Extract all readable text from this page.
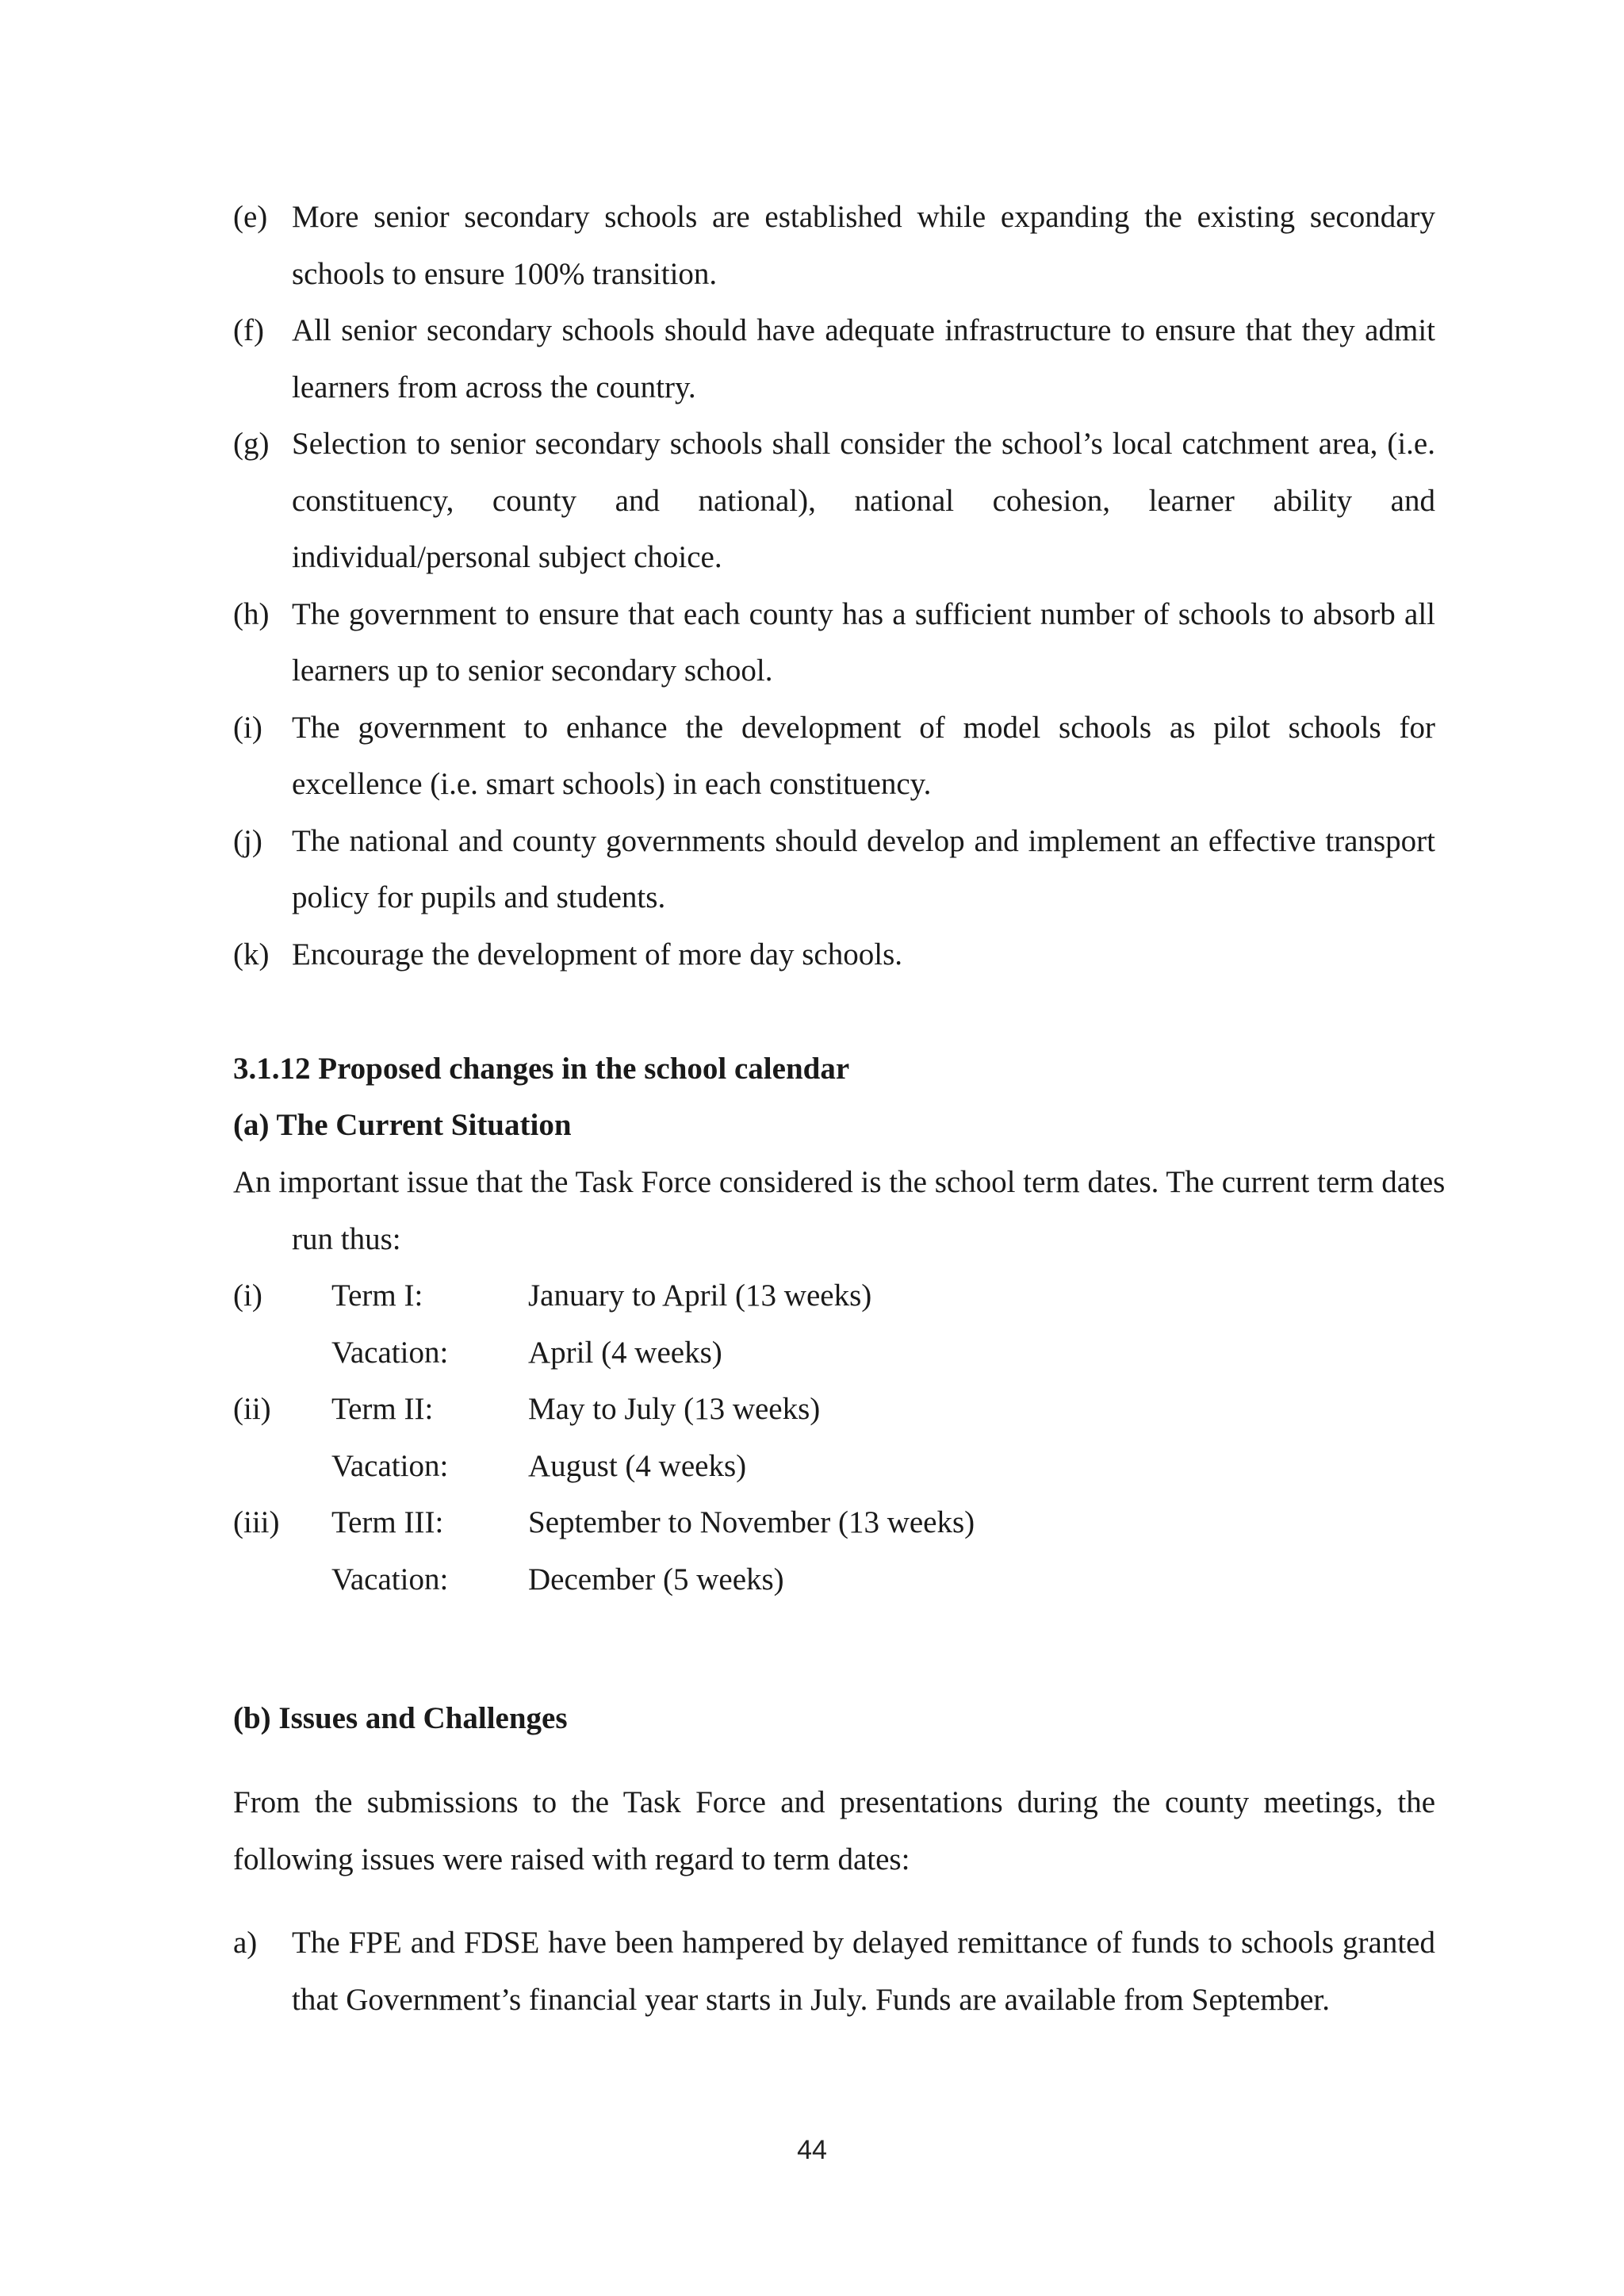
(e) More senior secondary schools are established while expanding the existing secondary schools to ensure 100% transition.
(f) All senior secondary schools should have adequate infrastructure to ensure that they admit learners from across the country.
(g) Selection to senior secondary schools shall consider the school’s local catchment area, (i.e. constituency, county and national), national cohesion, learner ability and individual/personal subject choice.
(h) The government to ensure that each county has a sufficient number of schools to absorb all learners up to senior secondary school.
(i) The government to enhance the development of model schools as pilot schools for excellence (i.e. smart schools) in each constituency.
(j) The national and county governments should develop and implement an effective transport policy for pupils and students.
(k) Encourage the development of more day schools.
3.1.12 Proposed changes in the school calendar
(a) The Current Situation
An important issue that the Task Force considered is the school term dates. The current term dates run thus:
(i) Term I:	January to April (13 weeks)
Vacation:	April (4 weeks)
(ii) Term II:	May to July (13 weeks)
Vacation:	August (4 weeks)
(iii) Term III:	September to November (13 weeks)
Vacation:	December (5 weeks)
(b) Issues and Challenges
From the submissions to the Task Force and presentations during the county meetings, the following issues were raised with regard to term dates:
a) The FPE and FDSE have been hampered by delayed remittance of funds to schools granted that Government’s financial year starts in July. Funds are available from September.
44
